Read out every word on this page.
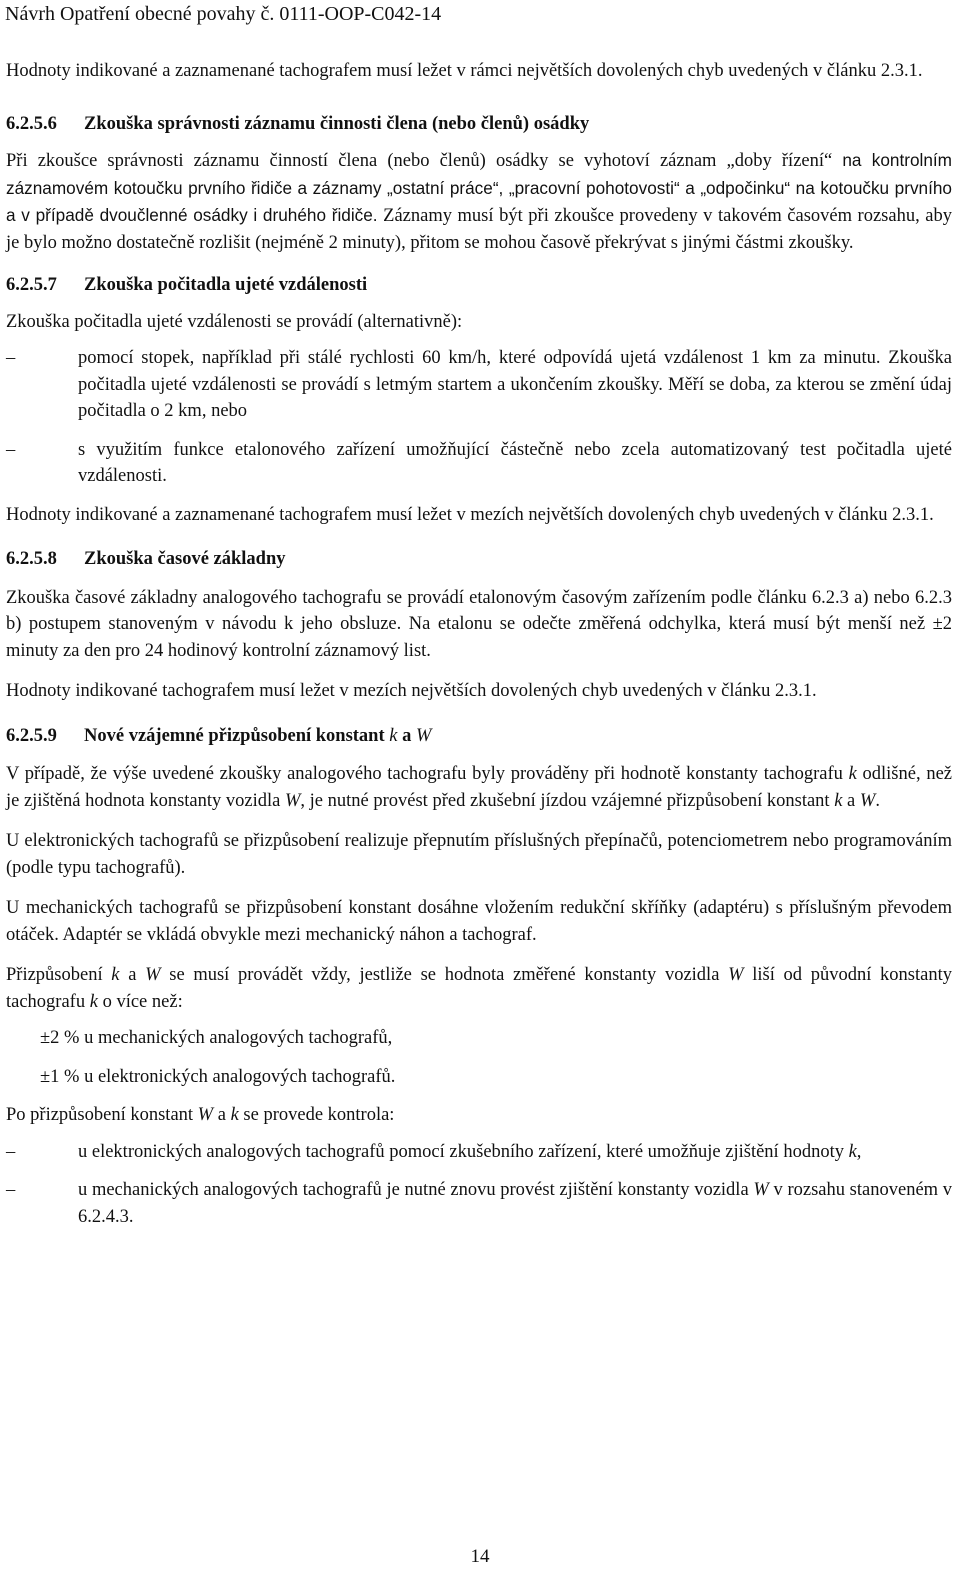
Návrh Opatření obecné povahy č. 0111-OOP-C042-14

Hodnoty indikované a zaznamenané tachografem musí ležet v rámci největších dovolených chyb uvedených v článku 2.3.1.

6.2.5.6 Zkouška správnosti záznamu činnosti člena (nebo členů) osádky

Při zkoušce správnosti záznamu činností člena (nebo členů) osádky se vyhotoví záznam „doby řízení“ na kontrolním záznamovém kotoučku prvního řidiče a záznamy „ostatní práce“, „pracovní pohotovosti“ a „odpočinku“ na kotoučku prvního a v případě dvoučlenné osádky i druhého řidiče. Záznamy musí být při zkoušce provedeny v takovém časovém rozsahu, aby je bylo možno dostatečně rozlišit (nejméně 2 minuty), přitom se mohou časově překrývat s jinými částmi zkoušky.

6.2.5.7 Zkouška počitadla ujeté vzdálenosti

Zkouška počitadla ujeté vzdálenosti se provádí (alternativně):

–	pomocí stopek, například při stálé rychlosti 60 km/h, které odpovídá ujetá vzdálenost 1 km za minutu. Zkouška počitadla ujeté vzdálenosti se provádí s letmým startem a ukončením zkoušky. Měří se doba, za kterou se změní údaj počitadla o 2 km, nebo
–	s využitím funkce etalonového zařízení umožňující částečně nebo zcela automatizovaný test počitadla ujeté vzdálenosti.

Hodnoty indikované a zaznamenané tachografem musí ležet v mezích největších dovolených chyb uvedených v článku 2.3.1.

6.2.5.8 Zkouška časové základny

Zkouška časové základny analogového tachografu se provádí etalonovým časovým zařízením podle článku 6.2.3 a) nebo 6.2.3 b) postupem stanoveným v návodu k jeho obsluze. Na etalonu se odečte změřená odchylka, která musí být menší než ±2 minuty za den pro 24 hodinový kontrolní záznamový list.

Hodnoty indikované tachografem musí ležet v mezích největších dovolených chyb uvedených v článku 2.3.1.

6.2.5.9 Nové vzájemné přizpůsobení konstant k a W

V případě, že výše uvedené zkoušky analogového tachografu byly prováděny při hodnotě konstanty tachografu k odlišné, než je zjištěná hodnota konstanty vozidla W, je nutné provést před zkušební jízdou vzájemné přizpůsobení konstant k a W.

U elektronických tachografů se přizpůsobení realizuje přepnutím příslušných přepínačů, potenciometrem nebo programováním (podle typu tachografů).

U mechanických tachografů se přizpůsobení konstant dosáhne vložením redukční skříňky (adaptéru) s příslušným převodem otáček. Adaptér se vkládá obvykle mezi mechanický náhon a tachograf.

Přizpůsobení k a W se musí provádět vždy, jestliže se hodnota změřené konstanty vozidla W liší od původní konstanty tachografu k o více než:

±2 % u mechanických analogových tachografů,

±1 % u elektronických analogových tachografů.

Po přizpůsobení konstant W a k se provede kontrola:

–	u elektronických analogových tachografů pomocí zkušebního zařízení, které umožňuje zjištění hodnoty k,
–	u mechanických analogových tachografů je nutné znovu provést zjištění konstanty vozidla W v rozsahu stanoveném v 6.2.4.3.
14
